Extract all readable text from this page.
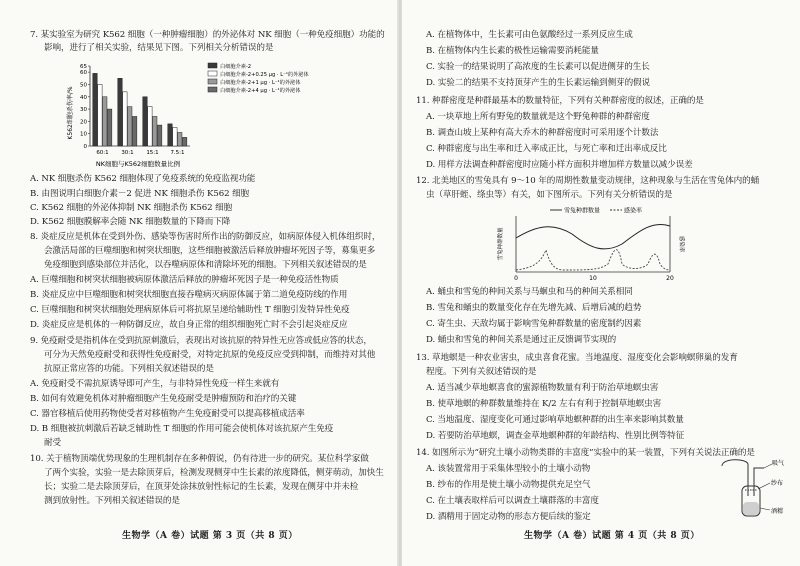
7. 某实验室为研究 K562 细胞（一种肿瘤细胞）的外泌体对 NK 细胞（一种免疫细胞）功能的
影响，进行了相关实验，结果见下图。下列相关分析错误的是
K562细胞杀伤率/%
0
10
20
30
40
50
60
65
60:1 30:1 15:1 7.5:1
NK细胞与K562细胞数量比例
白细胞介素-2
白细胞介素-2+0.25 μg · L⁻¹的外泌体
白细胞介素-2+1 μg · L⁻¹的外泌体
白细胞介素-2+4 μg · L⁻¹的外泌体
A. NK 细胞杀伤 K562 细胞体现了免疫系统的免疫监视功能
B. 由图说明白细胞介素－2 促进 NK 细胞杀伤 K562 细胞
C. K562 细胞的外泌体抑制 NK 细胞杀伤 K562 细胞
D. K562 细胞膜解率会随 NK 细胞数量的下降而下降
8. 炎症反应是机体在受到外伤、感染等伤害时所作出的防御反应，如病原体侵入机体组织时，
会激活局部的巨噬细胞和树突状细胞，这些细胞被激活后释放肿瘤坏死因子等，募集更多
免疫细胞到感染部位并活化，以吞噬病原体和清除坏死的细胞。下列相关叙述错误的是
A. 巨噬细胞和树突状细胞被病原体激活后释放的肿瘤坏死因子是一种免疫活性物质
B. 炎症反应中巨噬细胞和树突状细胞直接吞噬病灭病原体属于第二道免疫防线的作用
C. 巨噬细胞和树突状细胞处理病原体后可将抗原呈递给辅助性 T 细胞引发特异性免疫
D. 炎症反应是机体的一种防御反应，故自身正常的组织细胞死亡时不会引起炎症反应
9. 免疫耐受是指机体在受到抗原刺激后，表现出对该抗原的特异性无应答或低应答的状态，
可分为天然免疫耐受和获得性免疫耐受，对特定抗原的免疫反应受到抑制，而维持对其他
抗原正常应答的功能。下列相关叙述错误的是
A. 免疫耐受不需抗原诱导即可产生，与非特异性免疫一样生来就有
B. 如何有效避免机体对肿瘤细胞产生免疫耐受是肿瘤预防和治疗的关键
C. 器官移植后使用药物使受者对移植物产生免疫耐受可以提高移植成活率
D. B 细胞被抗刺激后若缺乏辅助性 T 细胞的作用可能会使机体对该抗原产生免疫
耐受
10. 关于植物顶端优势现象的生理机制存在多种假说，仍有待进一步的研究。某位科学家做
了两个实验，实验一是去除顶芽后，检测发现侧芽中生长素的浓度降低，侧芽萌动，加快生
长；实验二是去除顶芽后，在顶芽处涂抹放射性标记的生长素，发现在侧芽中并未检
测到放射性。下列相关叙述错误的是
生物学（A 卷）试题 第 3 页（共 8 页）
A. 在植物体中，生长素可由色氨酸经过一系列反应生成
B. 在植物体内生长素的极性运输需要消耗能量
C. 实验一的结果说明了高浓度的生长素可以促进侧芽的生长
D. 实验二的结果不支持顶芽产生的生长素运输到侧芽的假说
11. 种群密度是种群最基本的数量特征，下列有关种群密度的叙述，正确的是
A. 一块草地上所有野兔的数量就是这个野兔种群的种群密度
B. 调查山坡上某种有高大乔木的种群密度时可采用逐个计数法
C. 种群密度与出生率和迁入率成正比，与死亡率和迁出率成反比
D. 用样方法调查种群密度时应随小样方面积并增加样方数量以减少误差
12. 北美地区的雪兔具有 9～10 年的周期性数量变动规律，这种现象与生活在雪兔体内的蛹
虫（草肝蛭、绦虫等）有关，如下图所示。下列有关分析错误的是
雪兔种群数量	感染率
雪兔种群数量	感染率
0	10	20
A. 蛹虫和雪兔的种间关系与马蛔虫和马的种间关系相同
B. 雪兔和蛹虫的数量变化存在先增先减、后增后减的趋势
C. 寄生虫、天敌均属于影响雪兔种群数量的密度制约因素
D. 蛹虫和雪兔的种间关系是通过正反馈调节实现的
13. 草地螟是一种农业害虫，成虫喜食花蜜。当地温度、湿度变化会影响螟卵巢的发育
程度。下列有关叙述错误的是
A. 适当减少草地螟喜食的蜜源植物数量有利于防治草地螟虫害
B. 使草地螟的种群数量维持在 K/2 左右有利于控制草地螟虫害
C. 当地温度、湿度变化可通过影响草地螟种群的出生率来影响其数量
D. 若要防治草地螟，调查金草地螟种群的年龄结构、性别比例等特征
14. 如图所示为“研究土壤小动物类群的丰富度”实验中的某一装置，下列有关说法正确的是
A. 该装置常用于采集体型较小的土壤小动物
B. 纱布的作用是使土壤小动物提供充足空气
C. 在土壤表取样后可以调查土壤群落的丰富度
D. 酒精用于固定动物的形态方便后续的鉴定
吸气
纱布
酒精
生物学（A 卷）试题 第 4 页（共 8 页）
